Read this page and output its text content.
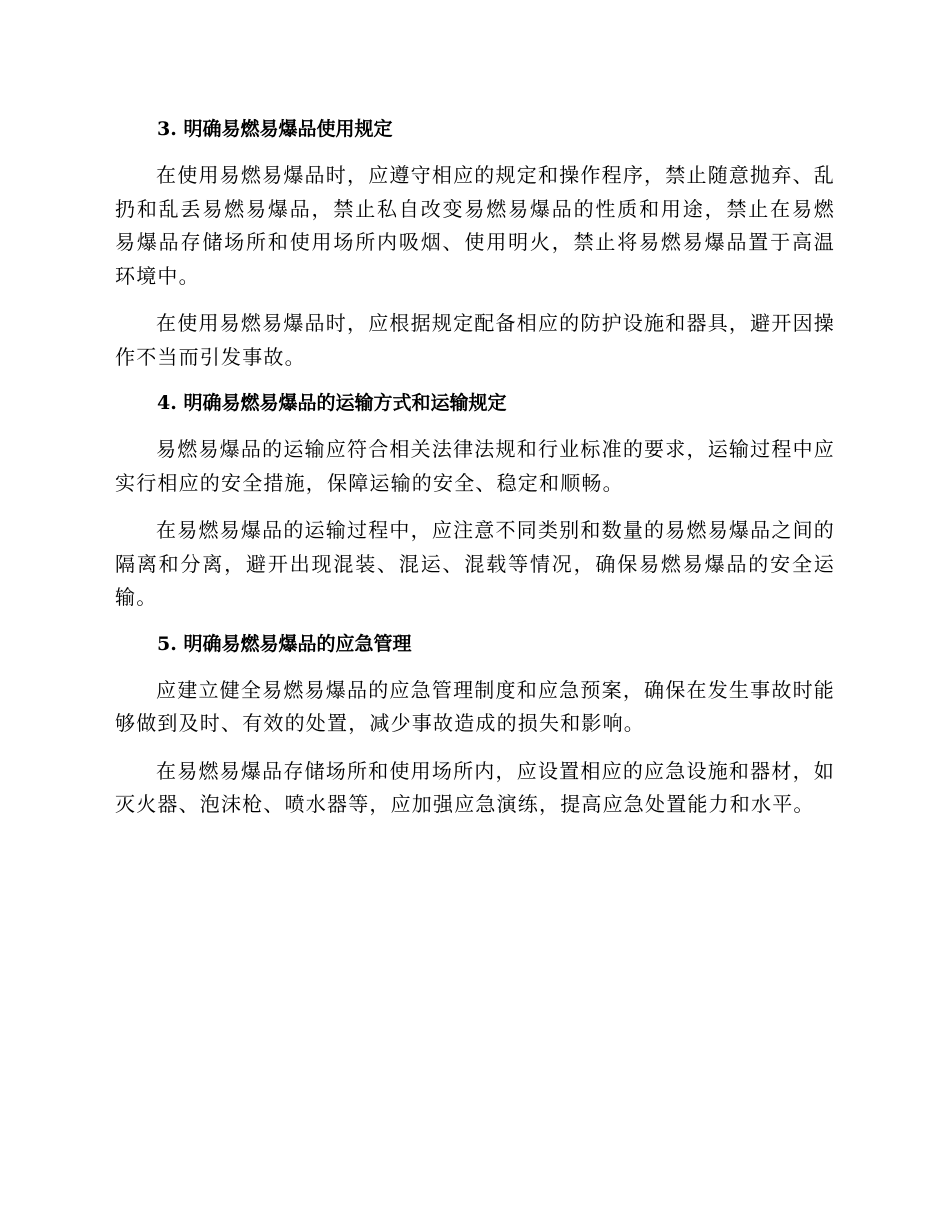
3. 明确易燃易爆品使用规定

在使用易燃易爆品时，应遵守相应的规定和操作程序，禁止随意抛弃、乱扔和乱丢易燃易爆品，禁止私自改变易燃易爆品的性质和用途，禁止在易燃易爆品存储场所和使用场所内吸烟、使用明火，禁止将易燃易爆品置于高温环境中。

在使用易燃易爆品时，应根据规定配备相应的防护设施和器具，避开因操作不当而引发事故。

4. 明确易燃易爆品的运输方式和运输规定

易燃易爆品的运输应符合相关法律法规和行业标准的要求，运输过程中应实行相应的安全措施，保障运输的安全、稳定和顺畅。

在易燃易爆品的运输过程中，应注意不同类别和数量的易燃易爆品之间的隔离和分离，避开出现混装、混运、混载等情况，确保易燃易爆品的安全运输。

5. 明确易燃易爆品的应急管理

应建立健全易燃易爆品的应急管理制度和应急预案，确保在发生事故时能够做到及时、有效的处置，减少事故造成的损失和影响。

在易燃易爆品存储场所和使用场所内，应设置相应的应急设施和器材，如灭火器、泡沫枪、喷水器等，应加强应急演练，提高应急处置能力和水平。
